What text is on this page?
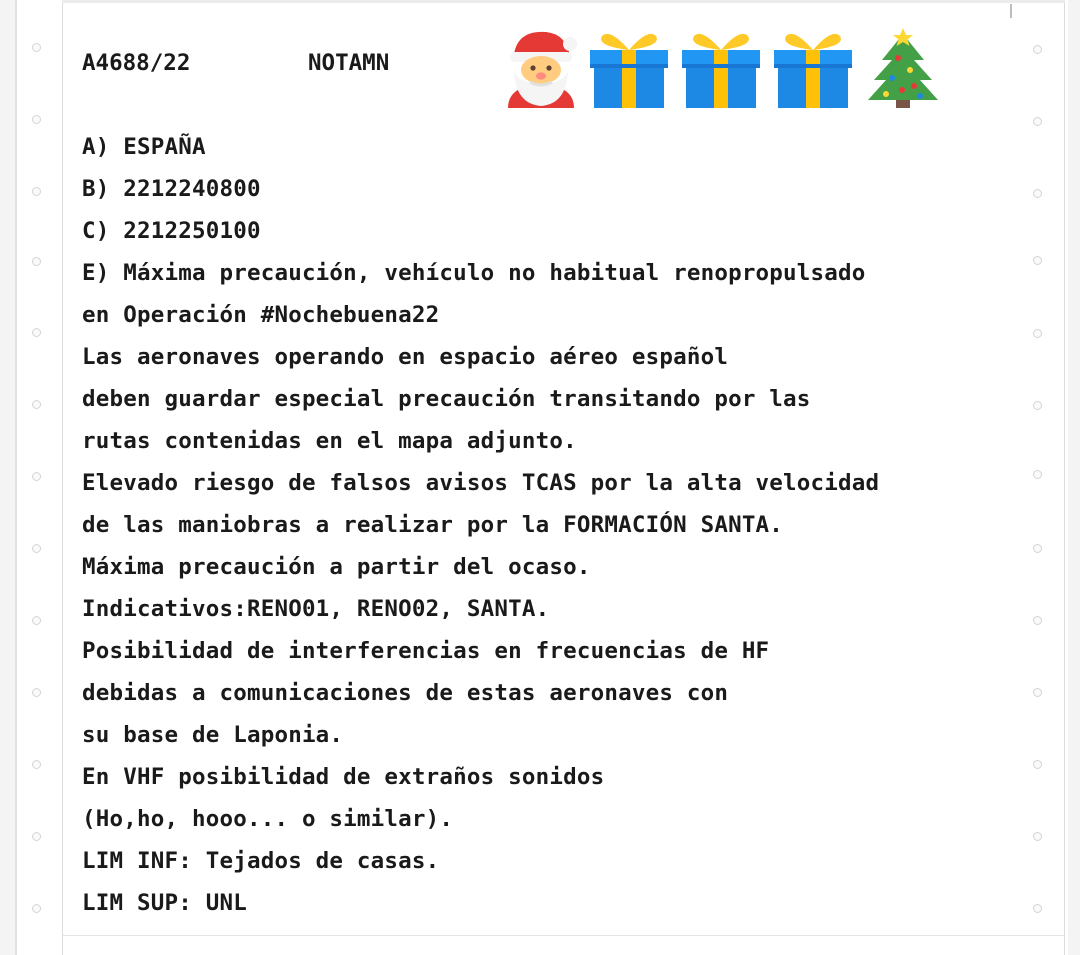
A4688/22	NOTAMN
A) ESPAÑA
B) 2212240800
C) 2212250100
E) Máxima precaución, vehículo no habitual renopropulsado
en Operación #Nochebuena22
Las aeronaves operando en espacio aéreo español
deben guardar especial precaución transitando por las
rutas contenidas en el mapa adjunto.
Elevado riesgo de falsos avisos TCAS por la alta velocidad
de las maniobras a realizar por la FORMACIÓN SANTA.
Máxima precaución a partir del ocaso.
Indicativos:RENO01, RENO02, SANTA.
Posibilidad de interferencias en frecuencias de HF
debidas a comunicaciones de estas aeronaves con
su base de Laponia.
En VHF posibilidad de extraños sonidos
(Ho,ho, hooo... o similar).
LIM INF: Tejados de casas.
LIM SUP: UNL
